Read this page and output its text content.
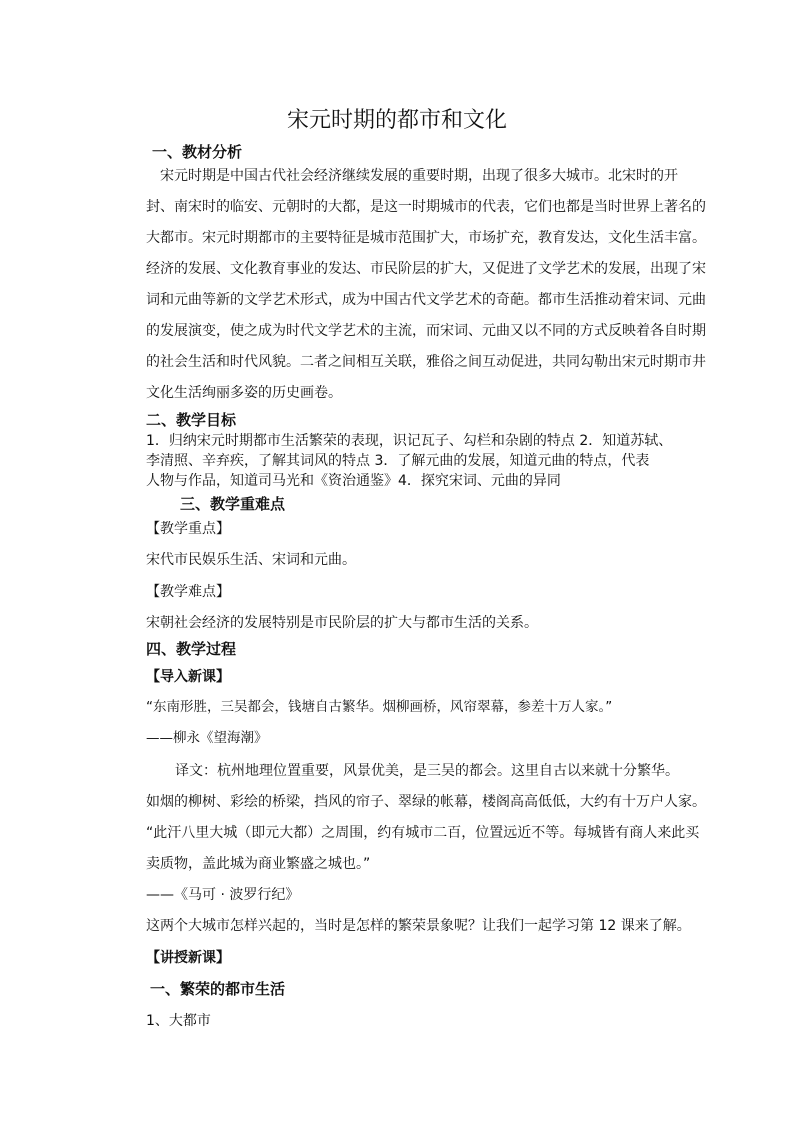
宋元时期的都市和文化
一、教材分析
宋元时期是中国古代社会经济继续发展的重要时期，出现了很多大城市。北宋时的开
封、南宋时的临安、元朝时的大都，是这一时期城市的代表，它们也都是当时世界上著名的
大都市。宋元时期都市的主要特征是城市范围扩大，市场扩充，教育发达，文化生活丰富。
经济的发展、文化教育事业的发达、市民阶层的扩大，又促进了文学艺术的发展，出现了宋
词和元曲等新的文学艺术形式，成为中国古代文学艺术的奇葩。都市生活推动着宋词、元曲
的发展演变，使之成为时代文学艺术的主流，而宋词、元曲又以不同的方式反映着各自时期
的社会生活和时代风貌。二者之间相互关联，雅俗之间互动促进，共同勾勒出宋元时期市井
文化生活绚丽多姿的历史画卷。
二、教学目标
1．归纳宋元时期都市生活繁荣的表现，识记瓦子、勾栏和杂剧的特点 2．知道苏轼、
李清照、辛弃疾，了解其词风的特点 3．了解元曲的发展，知道元曲的特点，代表
人物与作品，知道司马光和《资治通鉴》4．探究宋词、元曲的异同
三、教学重难点
【教学重点】
宋代市民娱乐生活、宋词和元曲。
【教学难点】
宋朝社会经济的发展特别是市民阶层的扩大与都市生活的关系。
四、教学过程
【导入新课】
“东南形胜，三吴都会，钱塘自古繁华。烟柳画桥，风帘翠幕，参差十万人家。”
——柳永《望海潮》
译文：杭州地理位置重要，风景优美，是三吴的都会。这里自古以来就十分繁华。
如烟的柳树、彩绘的桥梁，挡风的帘子、翠绿的帐幕，楼阁高高低低，大约有十万户人家。
“此汗八里大城（即元大都）之周围，约有城市二百，位置远近不等。每城皆有商人来此买
卖质物，盖此城为商业繁盛之城也。”
——《马可 · 波罗行纪》
这两个大城市怎样兴起的，当时是怎样的繁荣景象呢？让我们一起学习第 12 课来了解。
【讲授新课】
一、繁荣的都市生活
1、大都市
